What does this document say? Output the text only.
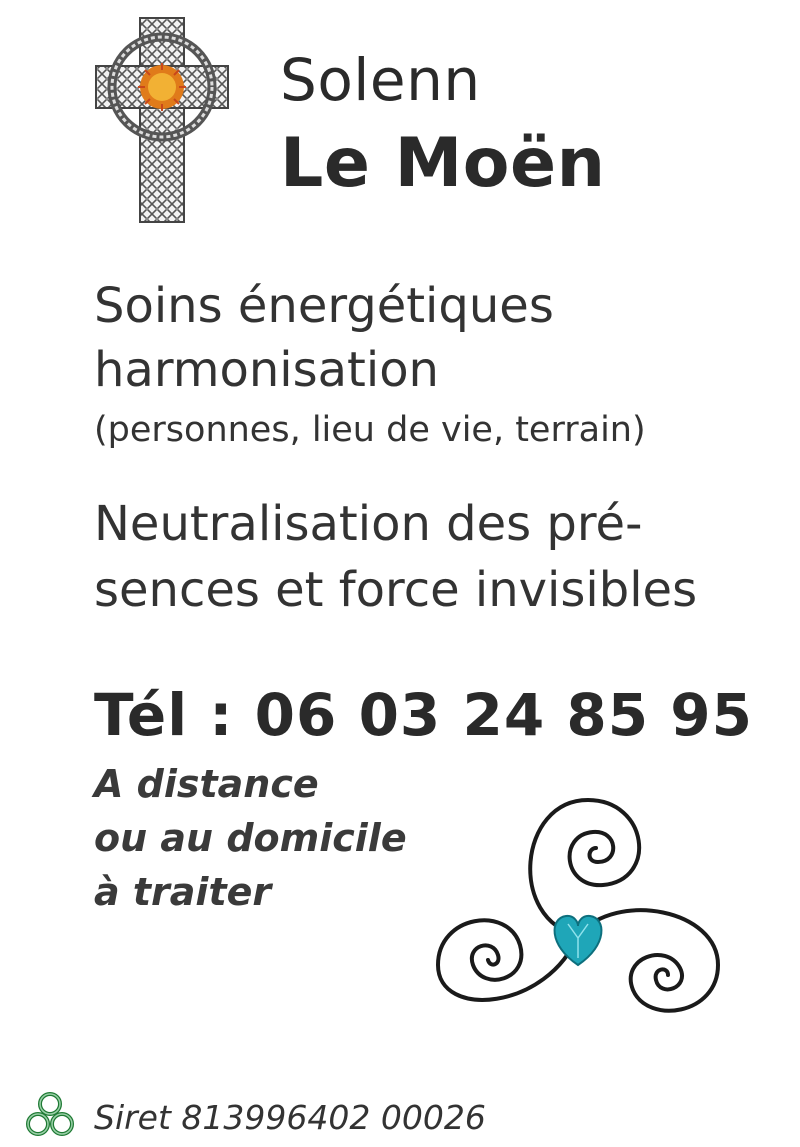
Solenn
Le Moën
Soins énergétiques
harmonisation
(personnes, lieu de vie, terrain)
Neutralisation des pré-
sences et force invisibles
Tél : 06 03 24 85 95
A distance
ou au domicile
à traiter
Siret 813996402 00026
